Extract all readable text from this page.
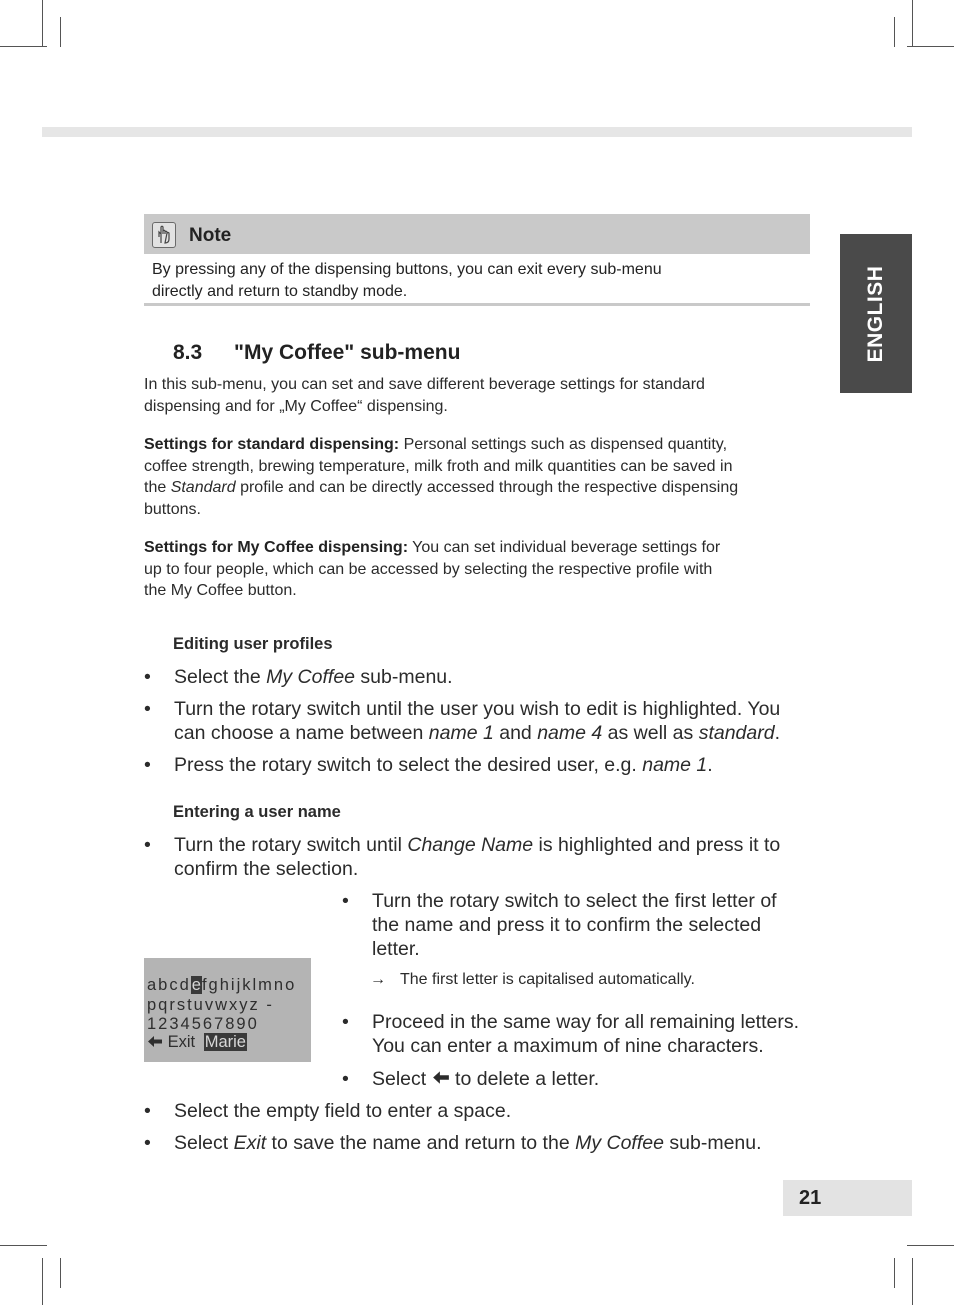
ENGLISH
Note
By pressing any of the dispensing buttons, you can exit every sub-menu
directly and return to standby mode.
8.3 "My Coffee" sub-menu
In this sub-menu, you can set and save different beverage settings for standard
dispensing and for „My Coffee“ dispensing.
Settings for standard dispensing: Personal settings such as dispensed quantity,
coffee strength, brewing temperature, milk froth and milk quantities can be saved in
the Standard profile and can be directly accessed through the respective dispensing
buttons.
Settings for My Coffee dispensing: You can set individual beverage settings for
up to four people, which can be accessed by selecting the respective profile with
the My Coffee button.
Editing user profiles
• Select the My Coffee sub-menu.
• Turn the rotary switch until the user you wish to edit is highlighted. You
can choose a name between name 1 and name 4 as well as standard.
• Press the rotary switch to select the desired user, e.g. name 1.
Entering a user name
• Turn the rotary switch until Change Name is highlighted and press it to
confirm the selection.
• Turn the rotary switch to select the first letter of
the name and press it to confirm the selected
letter.
→ The first letter is capitalised automatically.
abcdefghijklmno
pqrstuvwxyz -
1234567890
Exit Marie
• Proceed in the same way for all remaining letters.
You can enter a maximum of nine characters.
• Select  to delete a letter.
• Select the empty field to enter a space.
• Select Exit to save the name and return to the My Coffee sub-menu.
21
